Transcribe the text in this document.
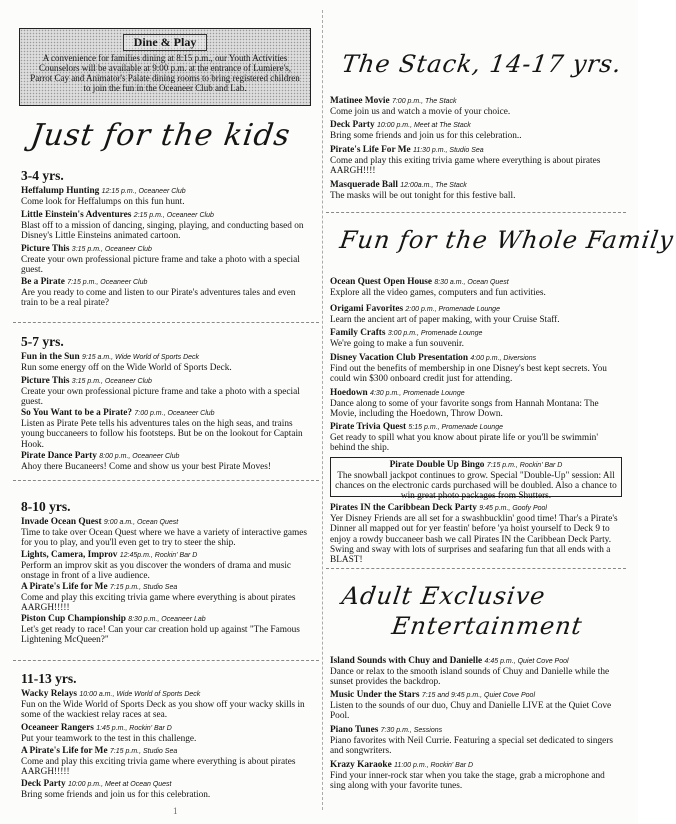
Dine & Play
A convenience for families dining at 8:15 p.m., our Youth Activities Counselors will be available at 9:00 p.m. at the entrance of Lumiere's, Parrot Cay and Animator's Palate dining rooms to bring registered children to join the fun in the Oceaneer Club and Lab.
Just for the kids
3-4 yrs.
Heffalump Hunting 12:15 p.m., Oceaneer Club
Come look for Heffalumps on this fun hunt.
Little Einstein's Adventures 2:15 p.m., Oceaneer Club
Blast off to a mission of dancing, singing, playing, and conducting based on Disney's Little Einsteins animated cartoon.
Picture This 3:15 p.m., Oceaneer Club
Create your own professional picture frame and take a photo with a special guest.
Be a Pirate 7:15 p.m., Oceaneer Club
Are you ready to come and listen to our Pirate's adventures tales and even train to be a real pirate?
5-7 yrs.
Fun in the Sun 9:15 a.m., Wide World of Sports Deck
Run some energy off on the Wide World of Sports Deck.
Picture This 3:15 p.m., Oceaneer Club
Create your own professional picture frame and take a photo with a special guest.
So You Want to be a Pirate? 7:00 p.m., Oceaneer Club
Listen as Pirate Pete tells his adventures tales on the high seas, and trains young buccaneers to follow his footsteps. But be on the lookout for Captain Hook.
Pirate Dance Party 8:00 p.m., Oceaneer Club
Ahoy there Bucaneers! Come and show us your best Pirate Moves!
8-10 yrs.
Invade Ocean Quest 9:00 a.m., Ocean Quest
Time to take over Ocean Quest where we have a variety of interactive games for you to play, and you'll even get to try to steer the ship.
Lights, Camera, Improv 12:45p.m., Rockin' Bar D
Perform an improv skit as you discover the wonders of drama and music onstage in front of a live audience.
A Pirate's Life for Me 7:15 p.m., Studio Sea
Come and play this exciting trivia game where everything is about pirates AARGH!!!!!
Piston Cup Championship 8:30 p.m., Oceaneer Lab
Let's get ready to race! Can your car creation hold up against "The Famous Lightening McQueen?"
11-13 yrs.
Wacky Relays 10:00 a.m., Wide World of Sports Deck
Fun on the Wide World of Sports Deck as you show off your wacky skills in some of the wackiest relay races at sea.
Oceaneer Rangers 1:45 p.m., Rockin' Bar D
Put your teamwork to the test in this challenge.
A Pirate's Life for Me 7:15 p.m., Studio Sea
Come and play this exciting trivia game where everything is about pirates AARGH!!!!!
Deck Party 10:00 p.m., Meet at Ocean Quest
Bring some friends and join us for this celebration.
1
The Stack, 14-17 yrs.
Matinee Movie 7:00 p.m., The Stack
Come join us and watch a movie of your choice.
Deck Party 10:00 p.m., Meet at The Stack
Bring some friends and join us for this celebration..
Pirate's Life For Me 11:30 p.m., Studio Sea
Come and play this exiting trivia game where everything is about pirates AARGH!!!!
Masquerade Ball 12:00a.m., The Stack
The masks will be out tonight for this festive ball.
Fun for the Whole Family
Ocean Quest Open House 8:30 a.m., Ocean Quest
Explore all the video games, computers and fun activities.
Origami Favorites 2:00 p.m., Promenade Lounge
Learn the ancient art of paper making, with your Cruise Staff.
Family Crafts 3:00 p.m., Promenade Lounge
We're going to make a fun souvenir.
Disney Vacation Club Presentation 4:00 p.m., Diversions
Find out the benefits of membership in one Disney's best kept secrets. You could win $300 onboard credit just for attending.
Hoedown 4:30 p.m., Promenade Lounge
Dance along to some of your favorite songs from Hannah Montana: The Movie, including the Hoedown, Throw Down.
Pirate Trivia Quest 5:15 p.m., Promenade Lounge
Get ready to spill what you know about pirate life or you'll be swimmin' behind the ship.
Pirate Double Up Bingo 7:15 p.m., Rockin' Bar D
The snowball jackpot continues to grow. Special "Double-Up" session: All chances on the electronic cards purchased will be doubled. Also a chance to win great photo packages from Shutters.
Pirates IN the Caribbean Deck Party 9:45 p.m., Goofy Pool
Yer Disney Friends are all set for a swashbucklin' good time! Thar's a Pirate's Dinner all mapped out for yer feastin' before 'ya hoist yourself to Deck 9 to enjoy a rowdy buccaneer bash we call Pirates IN the Caribbean Deck Party. Swing and sway with lots of surprises and seafaring fun that all ends with a BLAST!
Adult Exclusive
Entertainment
Island Sounds with Chuy and Danielle 4:45 p.m., Quiet Cove Pool
Dance or relax to the smooth island sounds of Chuy and Danielle while the sunset provides the backdrop.
Music Under the Stars 7:15 and 9:45 p.m., Quiet Cove Pool
Listen to the sounds of our duo, Chuy and Danielle LIVE at the Quiet Cove Pool.
Piano Tunes 7:30 p.m., Sessions
Piano favorites with Neil Currie. Featuring a special set dedicated to singers and songwriters.
Krazy Karaoke 11:00 p.m., Rockin' Bar D
Find your inner-rock star when you take the stage, grab a microphone and sing along with your favorite tunes.
